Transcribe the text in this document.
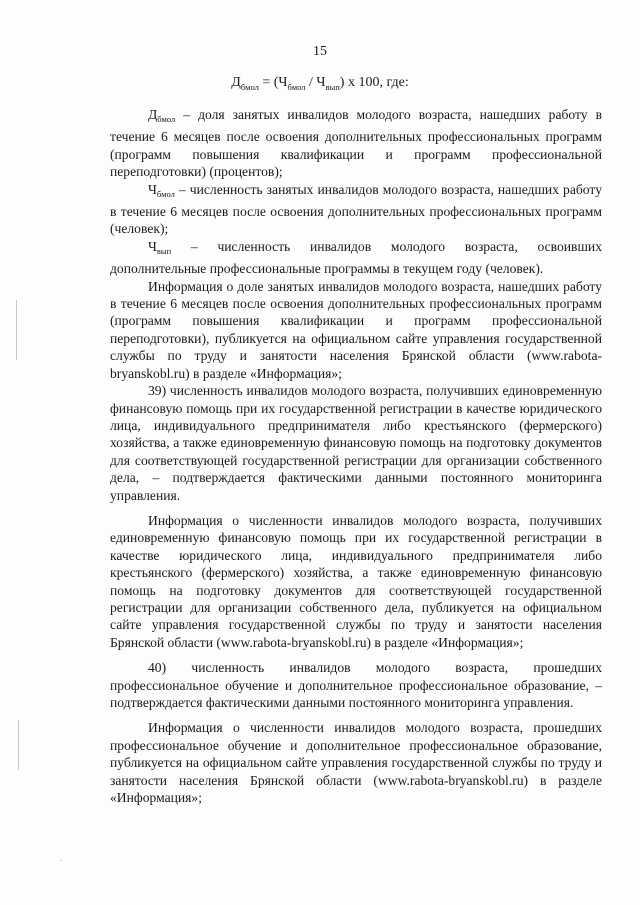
15
$Д_{бмол} = (Ч_{бмол} / Ч_{вып})$ х 100, где:

$Д_{бмол}$ – доля занятых инвалидов молодого возраста, нашедших работу в течение 6 месяцев после освоения дополнительных профессиональных программ (программ повышения квалификации и программ профессиональной переподготовки) (процентов);

$Ч_{бмол}$ – численность занятых инвалидов молодого возраста, нашедших работу в течение 6 месяцев после освоения дополнительных профессиональных программ (человек);

$Ч_{вып}$ – численность инвалидов молодого возраста, освоивших дополнительные профессиональные программы в текущем году (человек).

Информация о доле занятых инвалидов молодого возраста, нашедших работу в течение 6 месяцев после освоения дополнительных профессиональных программ (программ повышения квалификации и программ профессиональной переподготовки), публикуется на официальном сайте управления государственной службы по труду и занятости населения Брянской области (www.rabota-bryanskobl.ru) в разделе «Информация»;

39) численность инвалидов молодого возраста, получивших единовременную финансовую помощь при их государственной регистрации в качестве юридического лица, индивидуального предпринимателя либо крестьянского (фермерского) хозяйства, а также единовременную финансовую помощь на подготовку документов для соответствующей государственной регистрации для организации собственного дела, – подтверждается фактическими данными постоянного мониторинга управления.

Информация о численности инвалидов молодого возраста, получивших единовременную финансовую помощь при их государственной регистрации в качестве юридического лица, индивидуального предпринимателя либо крестьянского (фермерского) хозяйства, а также единовременную финансовую помощь на подготовку документов для соответствующей государственной регистрации для организации собственного дела, публикуется на официальном сайте управления государственной службы по труду и занятости населения Брянской области (www.rabota-bryanskobl.ru) в разделе «Информация»;

40) численность инвалидов молодого возраста, прошедших профессиональное обучение и дополнительное профессиональное образование, – подтверждается фактическими данными постоянного мониторинга управления.

Информация о численности инвалидов молодого возраста, прошедших профессиональное обучение и дополнительное профессиональное образование, публикуется на официальном сайте управления государственной службы по труду и занятости населения Брянской области (www.rabota-bryanskobl.ru) в разделе «Информация»;
